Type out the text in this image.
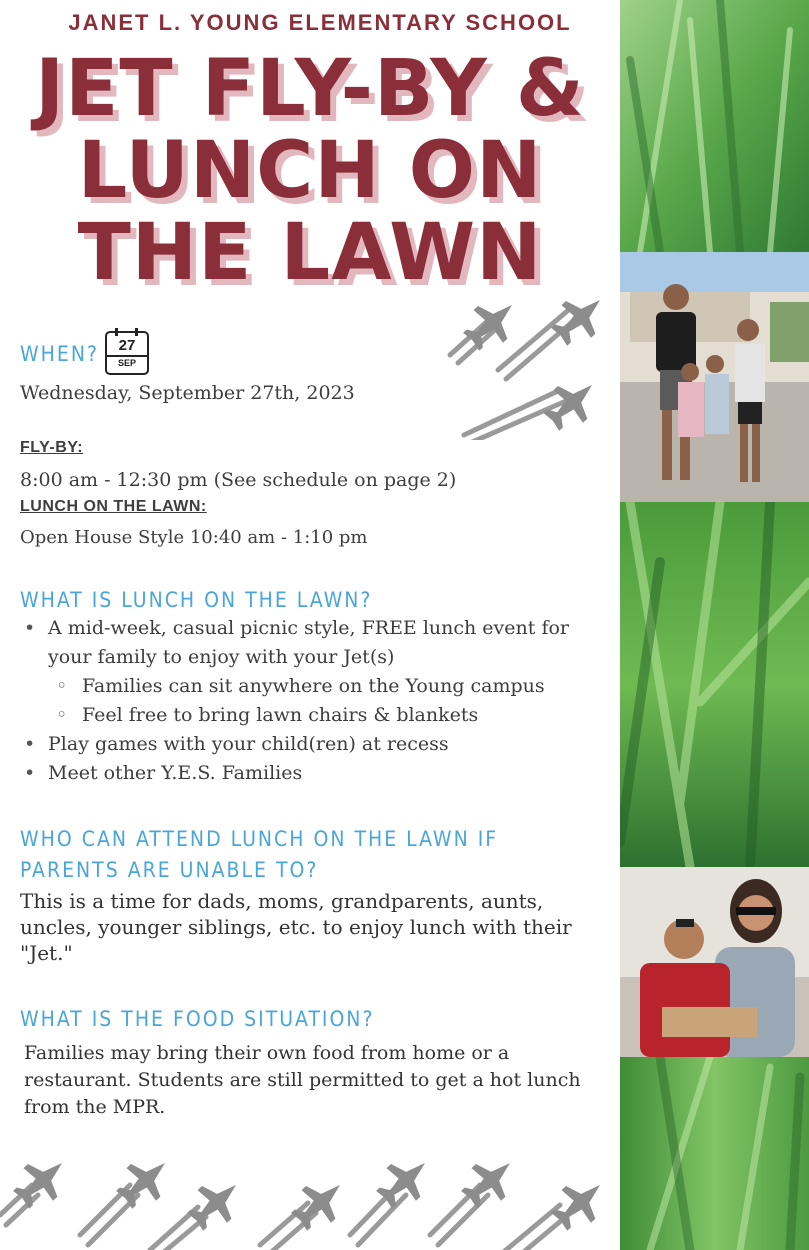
JANET L. YOUNG ELEMENTARY SCHOOL
JET FLY-BY &
LUNCH ON
THE LAWN
WHEN?	27
SEP
Wednesday, September 27th, 2023
FLY-BY:
8:00 am - 12:30 pm (See schedule on page 2)
LUNCH ON THE LAWN:
Open House Style 10:40 am - 1:10 pm
WHAT IS LUNCH ON THE LAWN?
• A mid-week, casual picnic style, FREE lunch event for your family to enjoy with your Jet(s)
◦ Families can sit anywhere on the Young campus
◦ Feel free to bring lawn chairs & blankets
• Play games with your child(ren) at recess
• Meet other Y.E.S. Families
WHO CAN ATTEND LUNCH ON THE LAWN IF PARENTS ARE UNABLE TO?
This is a time for dads, moms, grandparents, aunts, uncles, younger siblings, etc. to enjoy lunch with their "Jet."
WHAT IS THE FOOD SITUATION?
Families may bring their own food from home or a restaurant. Students are still permitted to get a hot lunch from the MPR.
